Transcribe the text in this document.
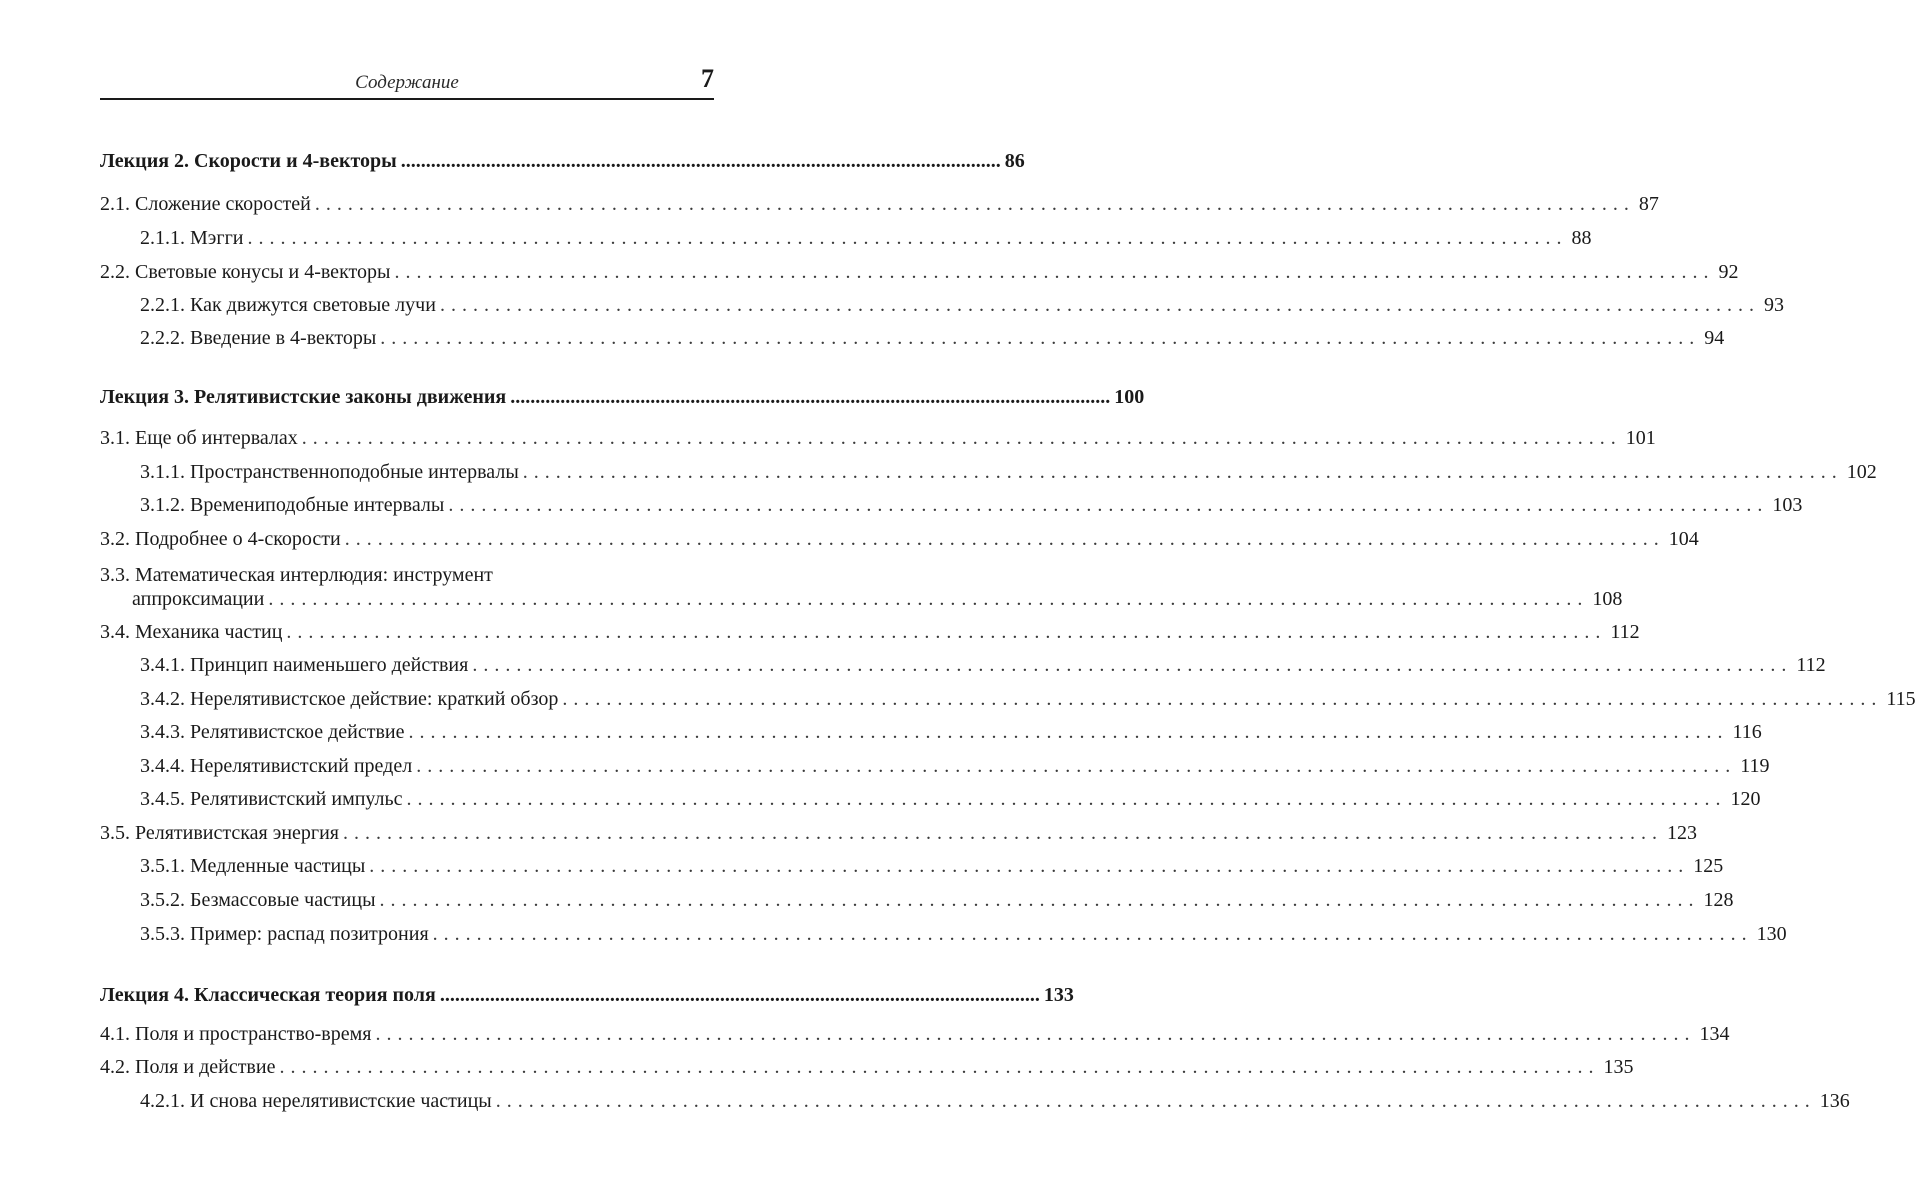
Содержание	7
Лекция 2. Скорости и 4-векторы ........................................................................................................................ 86
2.1. Сложение скоростей ........................................................................................................................ 87
2.1.1. Мэгги ........................................................................................................................ 88
2.2. Световые конусы и 4-векторы ........................................................................................................................ 92
2.2.1. Как движутся световые лучи ........................................................................................................................ 93
2.2.2. Введение в 4-векторы ........................................................................................................................ 94
Лекция 3. Релятивистские законы движения ........................................................................................................................ 100
3.1. Еще об интервалах ........................................................................................................................ 101
3.1.1. Пространственноподобные интервалы ........................................................................................................................ 102
3.1.2. Времениподобные интервалы ........................................................................................................................ 103
3.2. Подробнее о 4-скорости ........................................................................................................................ 104
3.3. Математическая интерлюдия: инструмент
аппроксимации ........................................................................................................................ 108
3.4. Механика частиц ........................................................................................................................ 112
3.4.1. Принцип наименьшего действия ........................................................................................................................ 112
3.4.2. Нерелятивистское действие: краткий обзор ........................................................................................................................ 115
3.4.3. Релятивистское действие ........................................................................................................................ 116
3.4.4. Нерелятивистский предел ........................................................................................................................ 119
3.4.5. Релятивистский импульс ........................................................................................................................ 120
3.5. Релятивистская энергия ........................................................................................................................ 123
3.5.1. Медленные частицы ........................................................................................................................ 125
3.5.2. Безмассовые частицы ........................................................................................................................ 128
3.5.3. Пример: распад позитрония ........................................................................................................................ 130
Лекция 4. Классическая теория поля ........................................................................................................................ 133
4.1. Поля и пространство-время ........................................................................................................................ 134
4.2. Поля и действие ........................................................................................................................ 135
4.2.1. И снова нерелятивистские частицы ........................................................................................................................ 136
